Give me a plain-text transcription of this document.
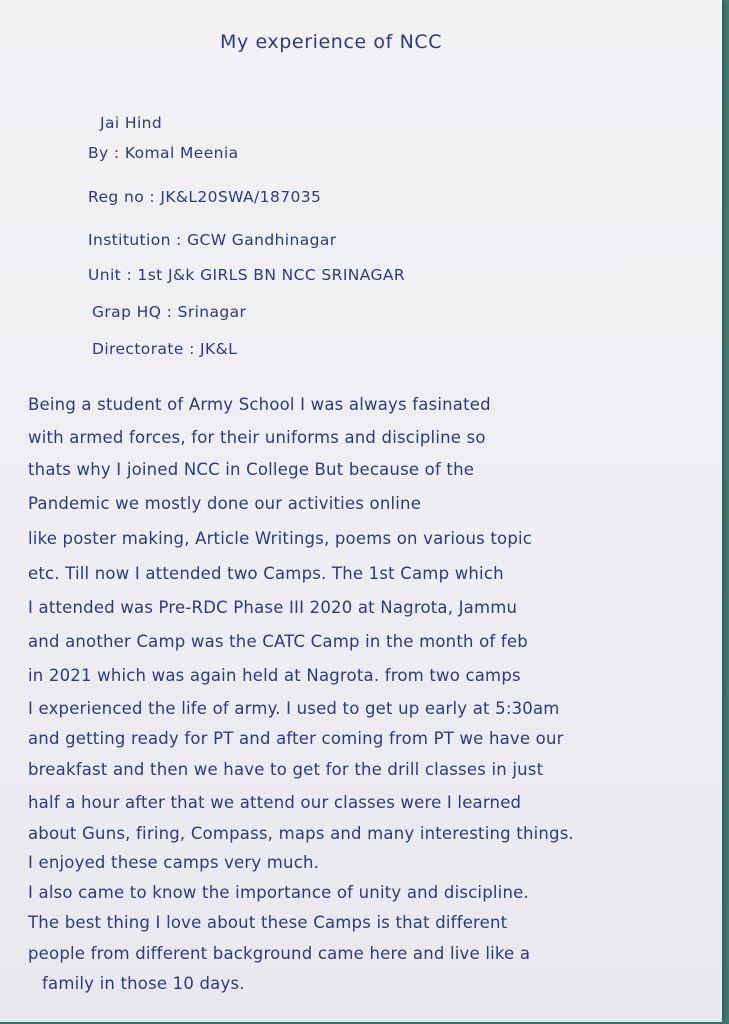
My experience of NCC
Jai Hind
By : Komal Meenia
Reg no : JK&L20SWA/187035
Institution : GCW Gandhinagar
Unit : 1st J&k GIRLS BN NCC SRINAGAR
Grap HQ : Srinagar
Directorate : JK&L
Being a student of Army School I was always fasinated
with armed forces, for their uniforms and discipline so
thats why I joined NCC in College But because of the
Pandemic we mostly done our activities online
like poster making, Article Writings, poems on various topic
etc. Till now I attended two Camps. The 1st Camp which
I attended was Pre-RDC Phase III 2020 at Nagrota, Jammu
and another Camp was the CATC Camp in the month of feb
in 2021 which was again held at Nagrota. from two camps
I experienced the life of army. I used to get up early at 5:30am
and getting ready for PT and after coming from PT we have our
breakfast and then we have to get for the drill classes in just
half a hour after that we attend our classes were I learned
about Guns, firing, Compass, maps and many interesting things.
I enjoyed these camps very much.
I also came to know the importance of unity and discipline.
The best thing I love about these Camps is that different
people from different background came here and live like a
family in those 10 days.
